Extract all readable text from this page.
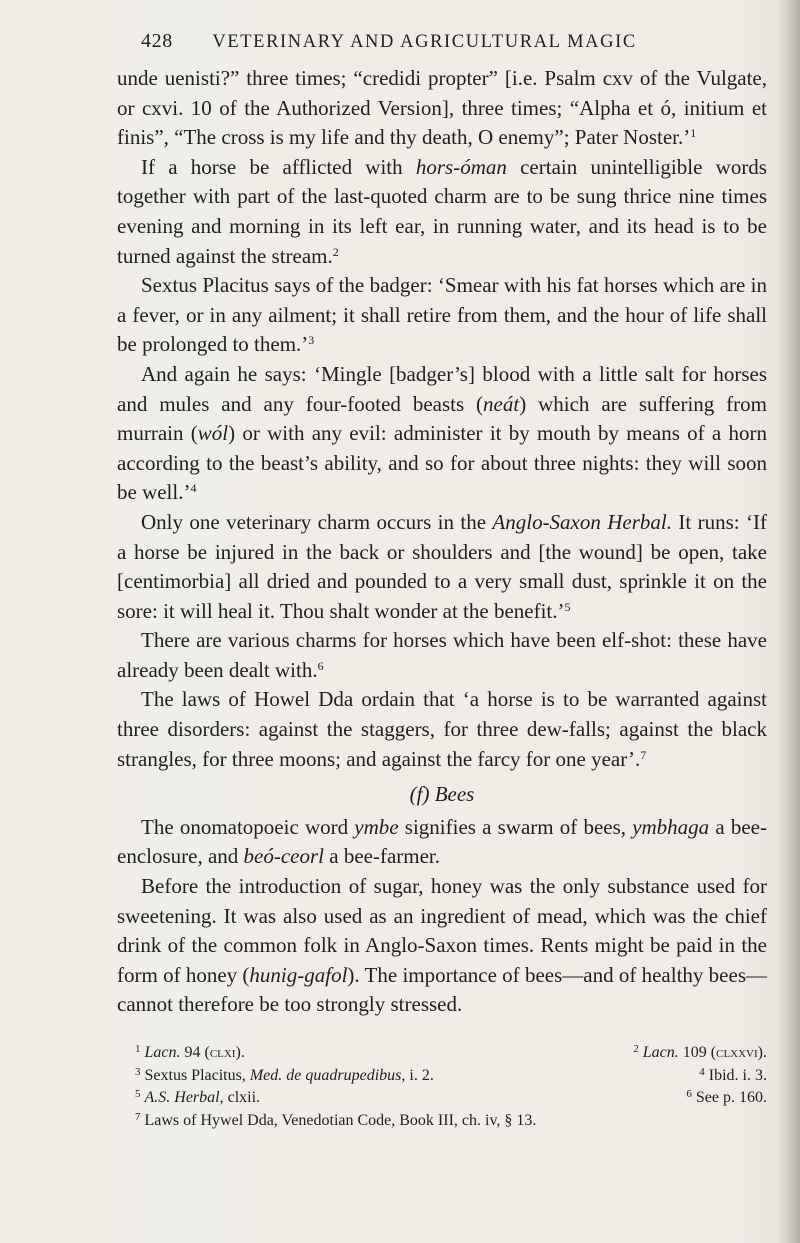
428 VETERINARY AND AGRICULTURAL MAGIC

unde uenisti?” three times; “credidi propter” [i.e. Psalm cxv of the Vulgate, or cxvi. 10 of the Authorized Version], three times; “Alpha et ó, initium et finis”, “The cross is my life and thy death, O enemy”; Pater Noster.’$^1$

If a horse be afflicted with hors-óman certain unintelligible words together with part of the last-quoted charm are to be sung thrice nine times evening and morning in its left ear, in running water, and its head is to be turned against the stream.$^2$

Sextus Placitus says of the badger: ‘Smear with his fat horses which are in a fever, or in any ailment; it shall retire from them, and the hour of life shall be prolonged to them.’$^3$

And again he says: ‘Mingle [badger’s] blood with a little salt for horses and mules and any four-footed beasts (neát) which are suffering from murrain (wól) or with any evil: administer it by mouth by means of a horn according to the beast’s ability, and so for about three nights: they will soon be well.’$^4$

Only one veterinary charm occurs in the Anglo-Saxon Herbal. It runs: ‘If a horse be injured in the back or shoulders and [the wound] be open, take [centimorbia] all dried and pounded to a very small dust, sprinkle it on the sore: it will heal it. Thou shalt wonder at the benefit.’$^5$

There are various charms for horses which have been elf-shot: these have already been dealt with.$^6$

The laws of Howel Dda ordain that ‘a horse is to be warranted against three disorders: against the staggers, for three dew-falls; against the black strangles, for three moons; and against the farcy for one year’.$^7$

(f) Bees

The onomatopoeic word ymbe signifies a swarm of bees, ymbhaga a bee-enclosure, and beó-ceorl a bee-farmer.

Before the introduction of sugar, honey was the only substance used for sweetening. It was also used as an ingredient of mead, which was the chief drink of the common folk in Anglo-Saxon times. Rents might be paid in the form of honey (hunig-gafol). The importance of bees—and of healthy bees—cannot therefore be too strongly stressed.

$^1$ Lacn. 94 (clxi).	$^2$ Lacn. 109 (clxxvi).
$^3$ Sextus Placitus, Med. de quadrupedibus, i. 2.	$^4$ Ibid. i. 3.
$^5$ A.S. Herbal, clxii.	$^6$ See p. 160.
$^7$ Laws of Hywel Dda, Venedotian Code, Book III, ch. iv, § 13.
